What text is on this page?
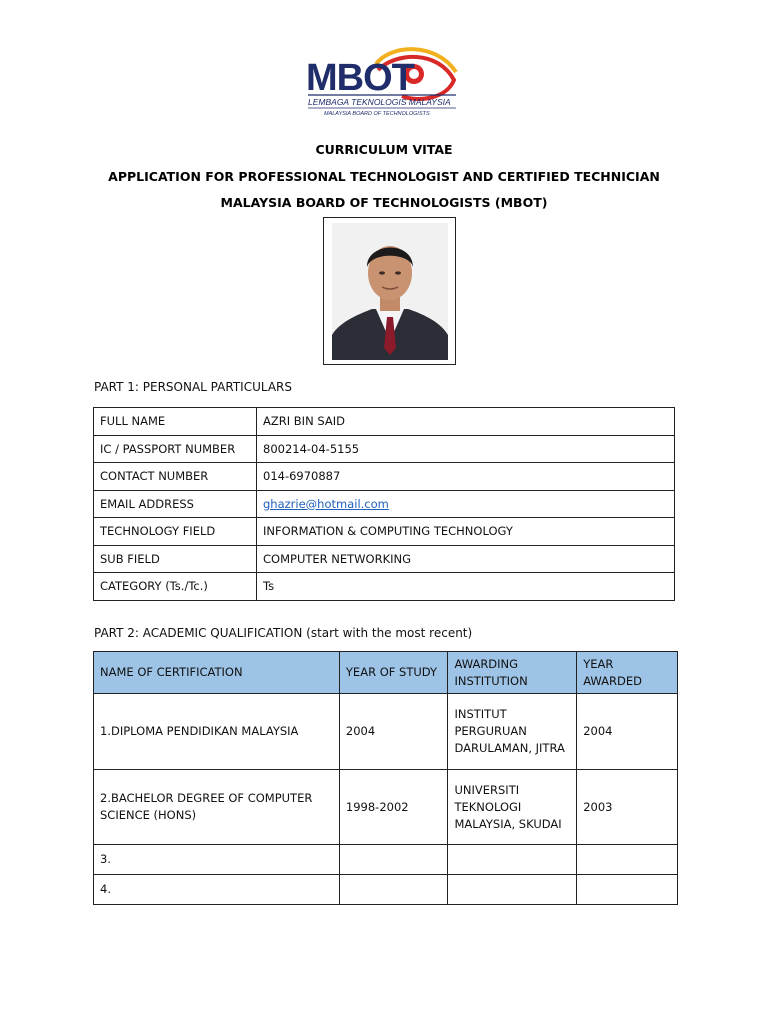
MBOT
LEMBAGA TEKNOLOGIS MALAYSIA
MALAYSIA BOARD OF TECHNOLOGISTS
CURRICULUM VITAE
APPLICATION FOR PROFESSIONAL TECHNOLOGIST AND CERTIFIED TECHNICIAN
MALAYSIA BOARD OF TECHNOLOGISTS (MBOT)
PART 1: PERSONAL PARTICULARS
FULL NAME	AZRI BIN SAID
IC / PASSPORT NUMBER	800214-04-5155
CONTACT NUMBER	014-6970887
EMAIL ADDRESS	ghazrie@hotmail.com
TECHNOLOGY FIELD	INFORMATION & COMPUTING TECHNOLOGY
SUB FIELD	COMPUTER NETWORKING
CATEGORY (Ts./Tc.)	Ts
PART 2: ACADEMIC QUALIFICATION (start with the most recent)
NAME OF CERTIFICATION	YEAR OF STUDY	AWARDING INSTITUTION	YEAR AWARDED
1.DIPLOMA PENDIDIKAN MALAYSIA	2004	INSTITUT PERGURUAN DARULAMAN, JITRA	2004
2.BACHELOR DEGREE OF COMPUTER SCIENCE (HONS)	1998-2002	UNIVERSITI TEKNOLOGI MALAYSIA, SKUDAI	2003
3.			
4.			
